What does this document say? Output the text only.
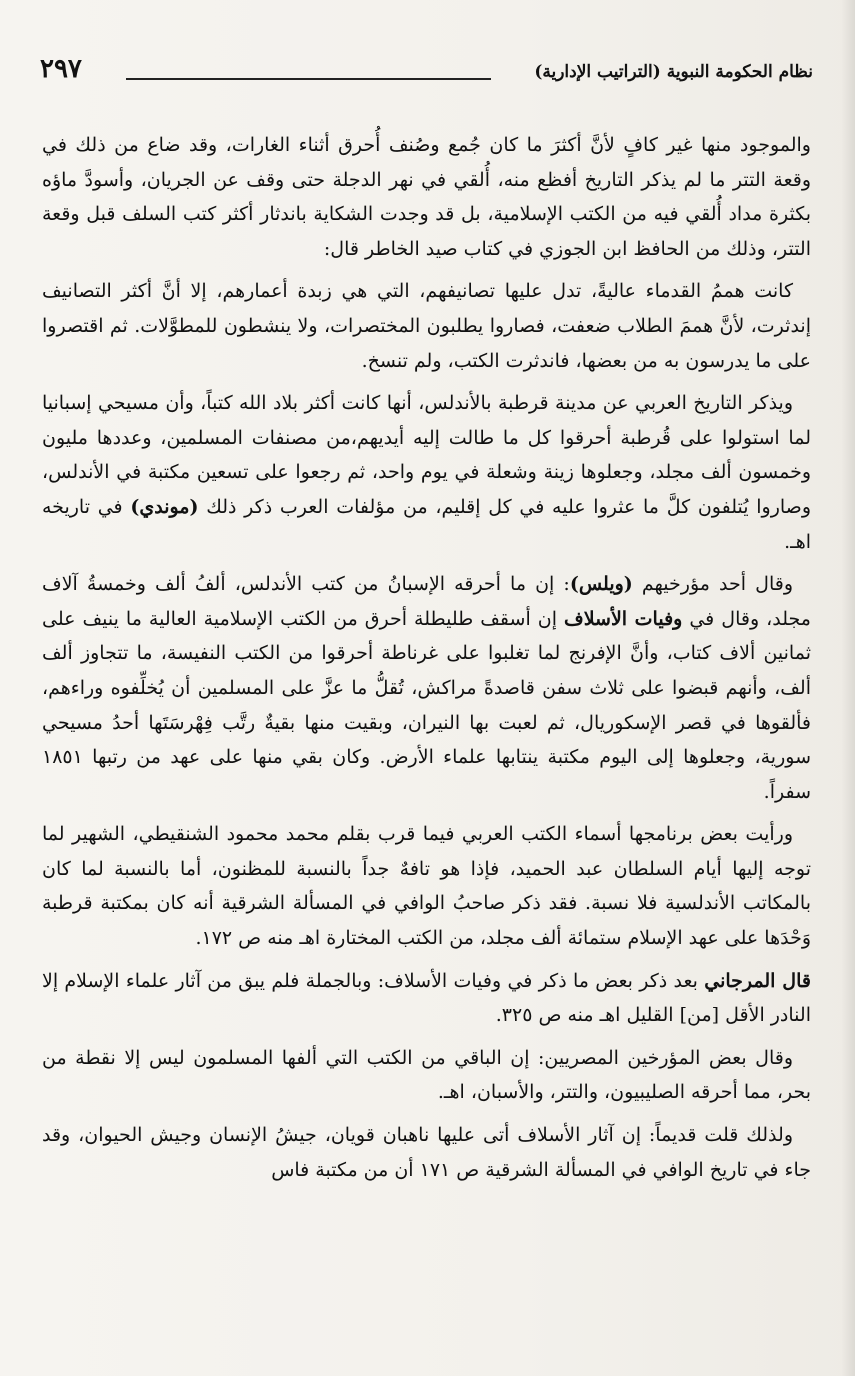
نظام الحكومة النبوية (التراتيب الإدارية)
٢٩٧

والموجود منها غير كافٍ لأنَّ أكثرَ ما كان جُمع وصُنف أُحرق أثناء الغارات، وقد ضاع من ذلك في وقعة التتر ما لم يذكر التاريخ أفظع منه، أُلقي في نهر الدجلة حتى وقف عن الجريان، وأسودَّ ماؤه بكثرة مداد أُلقي فيه من الكتب الإسلامية، بل قد وجدت الشكاية باندثار أكثر كتب السلف قبل وقعة التتر، وذلك من الحافظ ابن الجوزي في كتاب صيد الخاطر قال:

كانت هممُ القدماء عاليةً، تدل عليها تصانيفهم، التي هي زبدة أعمارهم، إلا أنَّ أكثر التصانيف إندثرت، لأنَّ هممَ الطلاب ضعفت، فصاروا يطلبون المختصرات، ولا ينشطون للمطوَّلات. ثم اقتصروا على ما يدرسون به من بعضها، فاندثرت الكتب، ولم تنسخ.

ويذكر التاريخ العربي عن مدينة قرطبة بالأندلس، أنها كانت أكثر بلاد الله كتباً، وأن مسيحي إسبانيا لما استولوا على قُرطبة أحرقوا كل ما طالت إليه أيديهم،من مصنفات المسلمين، وعددها مليون وخمسون ألف مجلد، وجعلوها زينة وشعلة في يوم واحد، ثم رجعوا على تسعين مكتبة في الأندلس، وصاروا يُتلفون كلَّ ما عثروا عليه في كل إقليم، من مؤلفات العرب ذكر ذلك (موندي) في تاريخه اهـ.

وقال أحد مؤرخيهم (ويلس): إن ما أحرقه الإسبانُ من كتب الأندلس، ألفُ ألف وخمسةُ آلاف مجلد، وقال في وفيات الأسلاف إن أسقف طليطلة أحرق من الكتب الإسلامية العالية ما ينيف على ثمانين ألاف كتاب، وأنَّ الإفرنج لما تغلبوا على غرناطة أحرقوا من الكتب النفيسة، ما تتجاوز ألف ألف، وأنهم قبضوا على ثلاث سفن قاصدةً مراكش، تُقلُّ ما عزَّ على المسلمين أن يُخلِّفوه وراءهم، فألقوها في قصر الإسكوريال، ثم لعبت بها النيران، وبقيت منها بقيةٌ رتَّب فِهْرسَتَها أحدُ مسيحي سورية، وجعلوها إلى اليوم مكتبة ينتابها علماء الأرض. وكان بقي منها على عهد من رتبها ١٨٥١ سفراً.

ورأيت بعض برنامجها أسماء الكتب العربي فيما قرب بقلم محمد محمود الشنقيطي، الشهير لما توجه إليها أيام السلطان عبد الحميد، فإذا هو تافهٌ جداً بالنسبة للمظنون، أما بالنسبة لما كان بالمكاتب الأندلسية فلا نسبة. فقد ذكر صاحبُ الوافي في المسألة الشرقية أنه كان بمكتبة قرطبة وَحْدَها على عهد الإسلام ستمائة ألف مجلد، من الكتب المختارة اهـ منه ص ١٧٢.

قال المرجاني بعد ذكر بعض ما ذكر في وفيات الأسلاف: وبالجملة فلم يبق من آثار علماء الإسلام إلا النادر الأقل [من] القليل اهـ منه ص ٣٢٥.

وقال بعض المؤرخين المصريين: إن الباقي من الكتب التي ألفها المسلمون ليس إلا نقطة من بحر، مما أحرقه الصليبيون، والتتر، والأسبان، اهـ.

ولذلك قلت قديماً: إن آثار الأسلاف أتى عليها ناهبان قويان، جيشُ الإنسان وجيش الحيوان، وقد جاء في تاريخ الوافي في المسألة الشرقية ص ١٧١ أن من مكتبة فاس
